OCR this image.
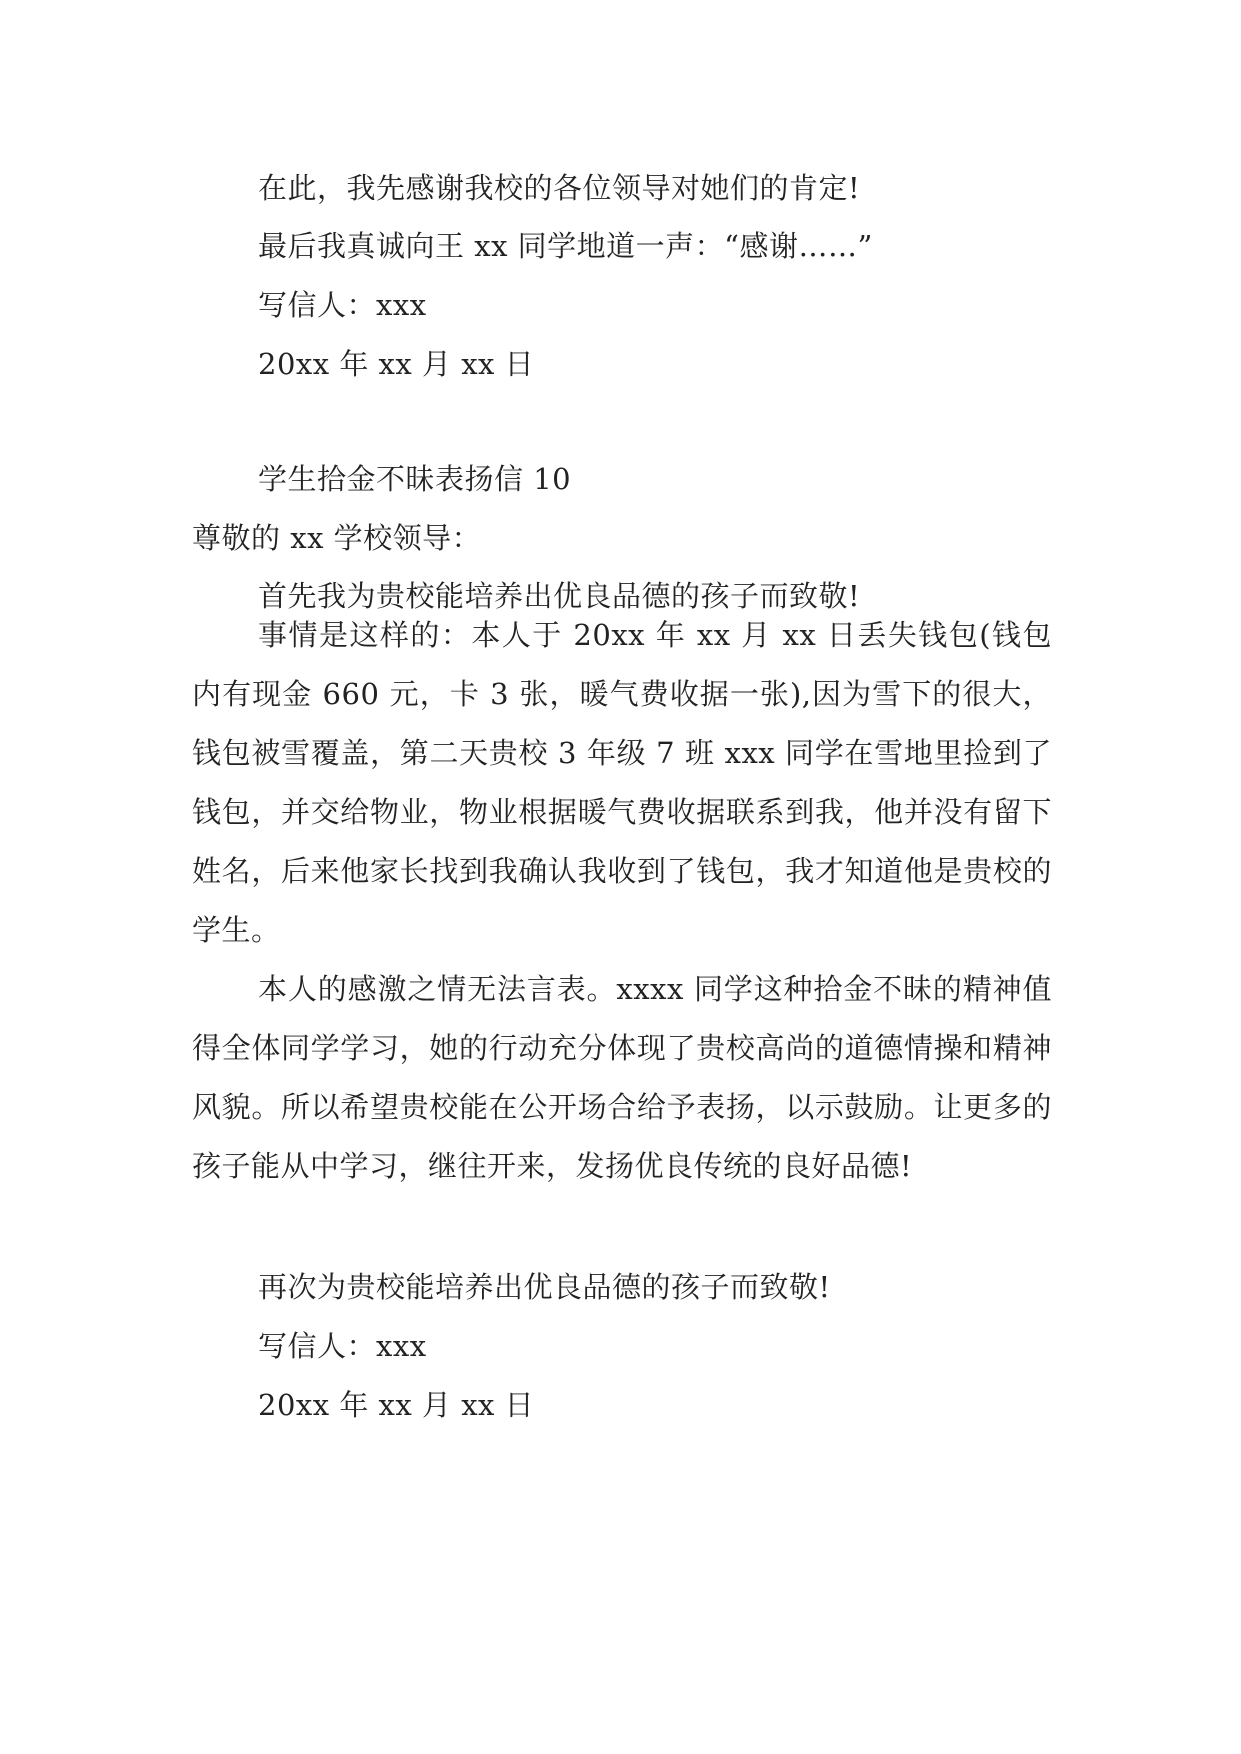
在此，我先感谢我校的各位领导对她们的肯定!
最后我真诚向王 xx 同学地道一声：“感谢……”
写信人：xxx
20xx 年 xx 月 xx 日
学生拾金不昧表扬信 10
尊敬的 xx 学校领导：
首先我为贵校能培养出优良品德的孩子而致敬!

事情是这样的：本人于 20xx 年 xx 月 xx 日丢失钱包(钱包内有现金 660 元，卡 3 张，暖气费收据一张),因为雪下的很大，钱包被雪覆盖，第二天贵校 3 年级 7 班 xxx 同学在雪地里捡到了钱包，并交给物业，物业根据暖气费收据联系到我，他并没有留下姓名，后来他家长找到我确认我收到了钱包，我才知道他是贵校的学生。

本人的感激之情无法言表。xxxx 同学这种拾金不昧的精神值得全体同学学习，她的行动充分体现了贵校高尚的道德情操和精神风貌。所以希望贵校能在公开场合给予表扬，以示鼓励。让更多的孩子能从中学习，继往开来，发扬优良传统的良好品德!

再次为贵校能培养出优良品德的孩子而致敬!
写信人：xxx
20xx 年 xx 月 xx 日
